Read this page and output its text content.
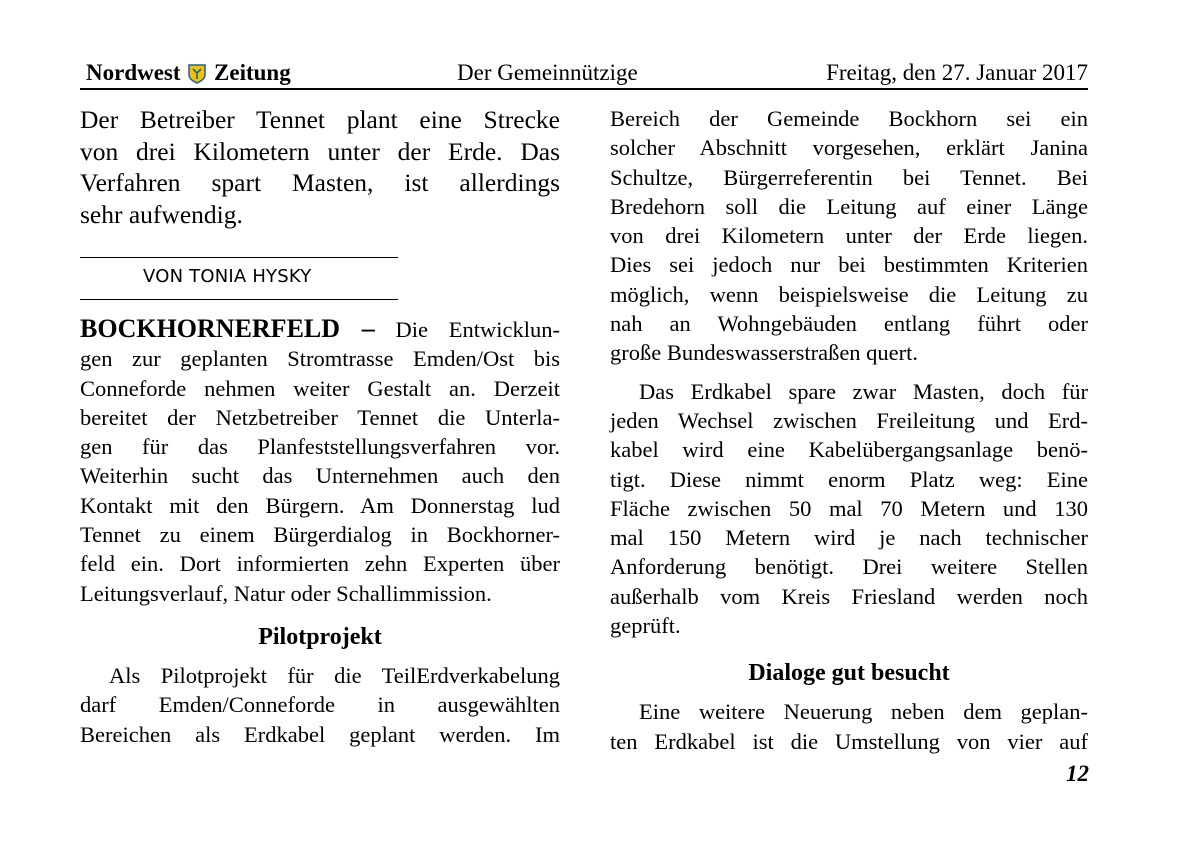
Nordwest Zeitung	Der Gemeinnützige	Freitag, den 27. Januar 2017
Der Betreiber Tennet plant eine Strecke
von drei Kilometern unter der Erde. Das
Verfahren spart Masten, ist allerdings
sehr aufwendig.
VON TONIA HYSKY
BOCKHORNERFELD – Die Entwicklun-
gen zur geplanten Stromtrasse Emden/Ost bis
Conneforde nehmen weiter Gestalt an. Derzeit
bereitet der Netzbetreiber Tennet die Unterla-
gen für das Planfeststellungsverfahren vor.
Weiterhin sucht das Unternehmen auch den
Kontakt mit den Bürgern. Am Donnerstag lud
Tennet zu einem Bürgerdialog in Bockhorner-
feld ein. Dort informierten zehn Experten über
Leitungsverlauf, Natur oder Schallimmission.
Pilotprojekt
Als Pilotprojekt für die TeilErdverkabelung
darf Emden/Conneforde in ausgewählten
Bereichen als Erdkabel geplant werden. Im
Bereich der Gemeinde Bockhorn sei ein
solcher Abschnitt vorgesehen, erklärt Janina
Schultze, Bürgerreferentin bei Tennet. Bei
Bredehorn soll die Leitung auf einer Länge
von drei Kilometern unter der Erde liegen.
Dies sei jedoch nur bei bestimmten Kriterien
möglich, wenn beispielsweise die Leitung zu
nah an Wohngebäuden entlang führt oder
große Bundeswasserstraßen quert.
Das Erdkabel spare zwar Masten, doch für
jeden Wechsel zwischen Freileitung und Erd-
kabel wird eine Kabelübergangsanlage benö-
tigt. Diese nimmt enorm Platz weg: Eine
Fläche zwischen 50 mal 70 Metern und 130
mal 150 Metern wird je nach technischer
Anforderung benötigt. Drei weitere Stellen
außerhalb vom Kreis Friesland werden noch
geprüft.
Dialoge gut besucht
Eine weitere Neuerung neben dem geplan-
ten Erdkabel ist die Umstellung von vier auf
12
